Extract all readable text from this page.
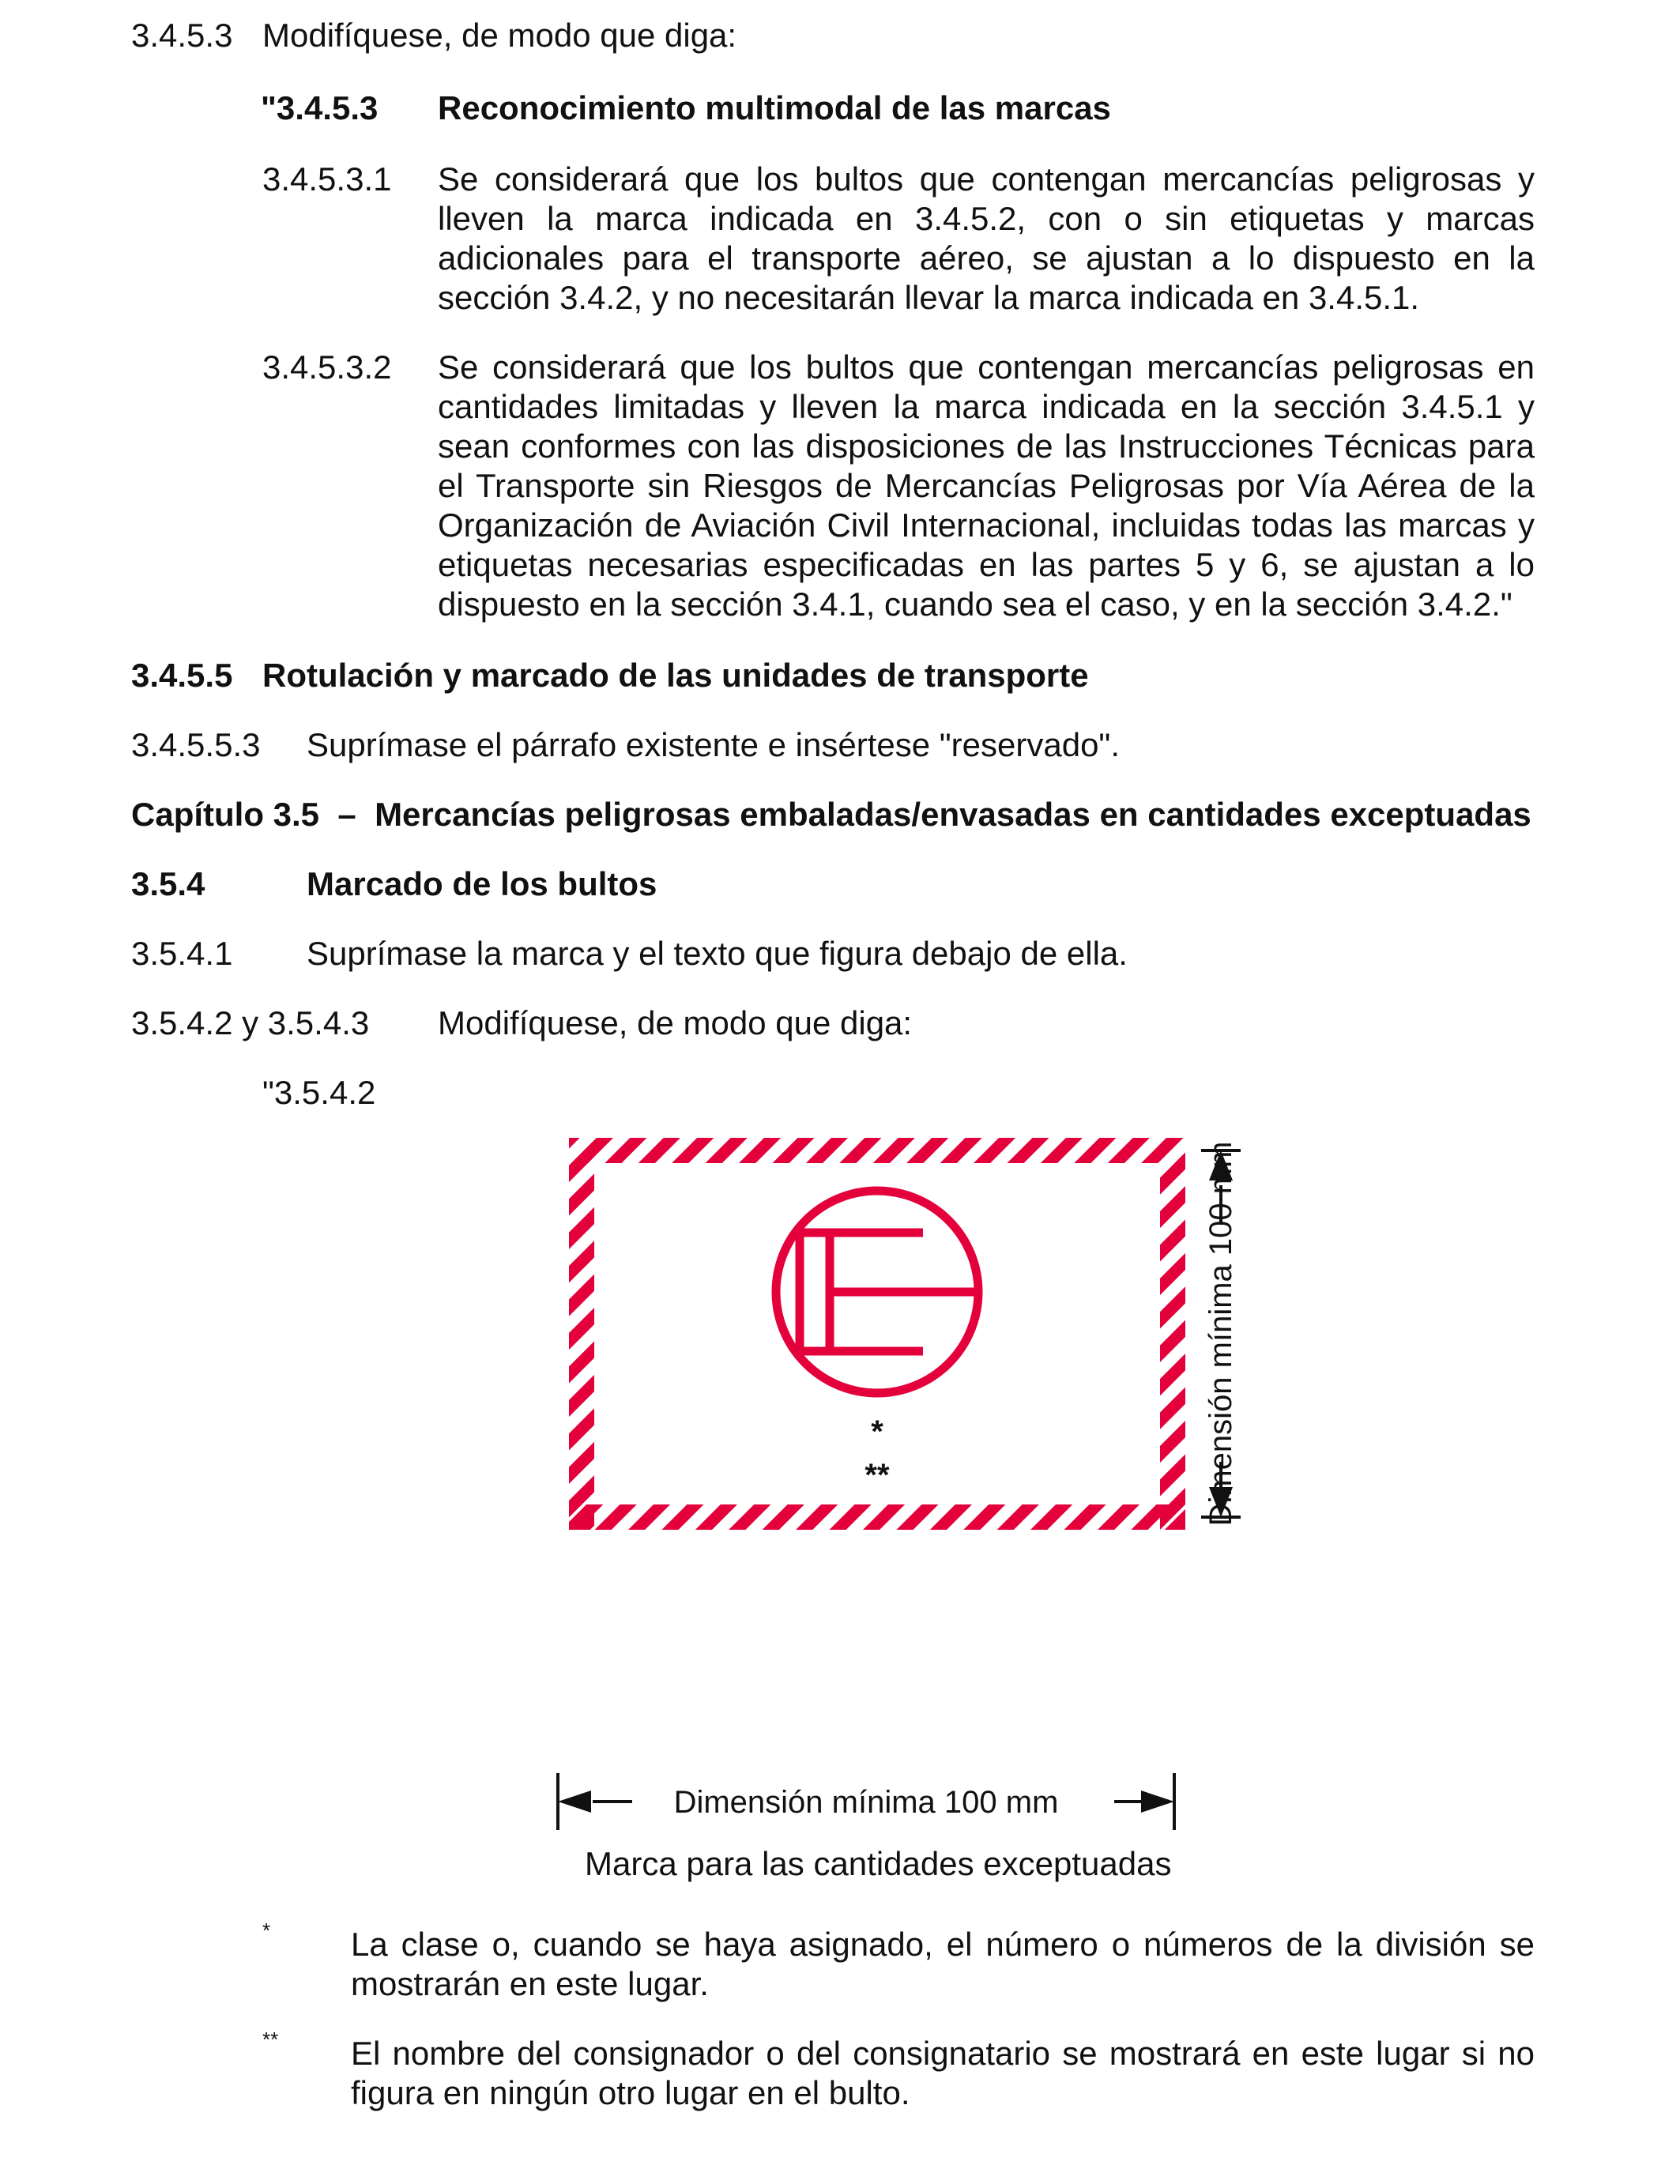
3.4.5.3 Modifíquese, de modo que diga:
"3.4.5.3 Reconocimiento multimodal de las marcas
3.4.5.3.1 Se considerará que los bultos que contengan mercancías peligrosas y lleven la marca indicada en 3.4.5.2, con o sin etiquetas y marcas adicionales para el transporte aéreo, se ajustan a lo dispuesto en la sección 3.4.2, y no necesitarán llevar la marca indicada en 3.4.5.1.
3.4.5.3.2 Se considerará que los bultos que contengan mercancías peligrosas en cantidades limitadas y lleven la marca indicada en la sección 3.4.5.1 y sean conformes con las disposiciones de las Instrucciones Técnicas para el Transporte sin Riesgos de Mercancías Peligrosas por Vía Aérea de la Organización de Aviación Civil Internacional, incluidas todas las marcas y etiquetas necesarias especificadas en las partes 5 y 6, se ajustan a lo dispuesto en la sección 3.4.1, cuando sea el caso, y en la sección 3.4.2."
3.4.5.5 Rotulación y marcado de las unidades de transporte
3.4.5.5.3 Suprímase el párrafo existente e insértese "reservado".
Capítulo 3.5  –  Mercancías peligrosas embaladas/envasadas en cantidades exceptuadas
3.5.4	Marcado de los bultos
3.5.4.1 Suprímase la marca y el texto que figura debajo de ella.
3.5.4.2 y 3.5.4.3 Modifíquese, de modo que diga:
"3.5.4.2
*
**	Dimensión mínima 100 mm
Dimensión mínima 100 mm
Marca para las cantidades exceptuadas
* La clase o, cuando se haya asignado, el número o números de la división se mostrarán en este lugar.
** El nombre del consignador o del consignatario se mostrará en este lugar si no figura en ningún otro lugar en el bulto.
